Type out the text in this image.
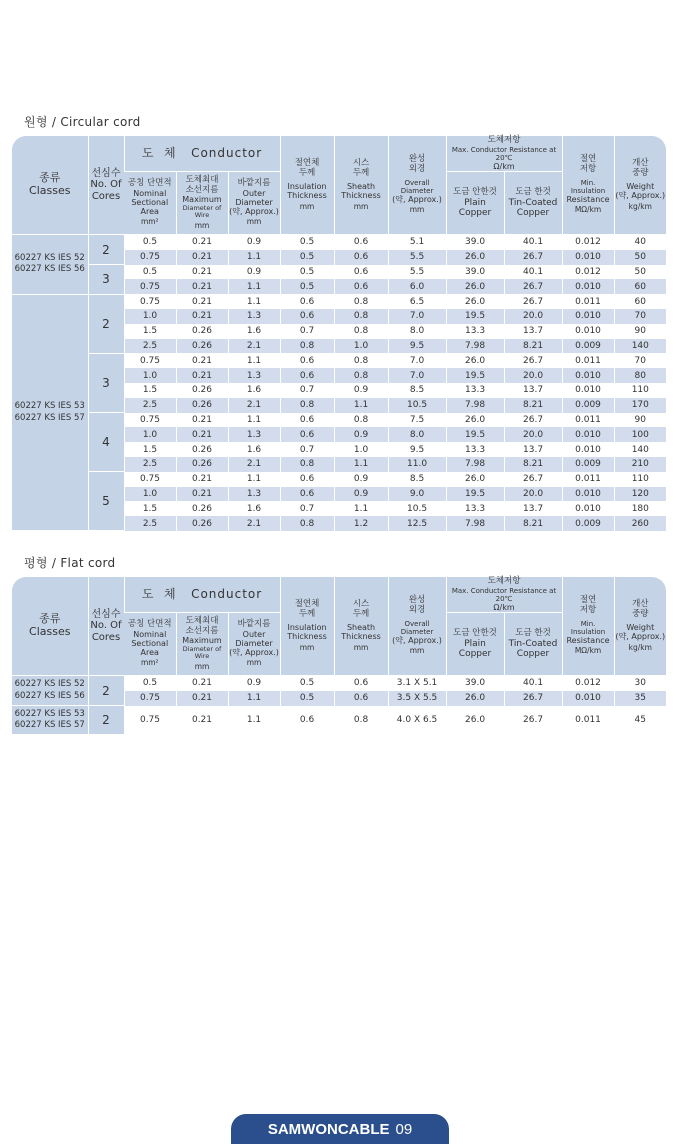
원형 / Circular cord
종류
Classes	선심수
No. Of
Cores	도  체   Conductor			절연체
두께
Insulation
Thickness
mm	시스
두께
Sheath
Thickness
mm	완성
외경
Overall Diameter
(약, Approx.)
mm	도체저항
Max. Conductor Resistance at 20℃
Ω/km		절연
저항
Min. Insulation
Resistance
MΩ/km	개산
중량
Weight
(약, Approx.)
kg/km

		공칭 단면적
Nominal
Sectional
Area
mm²	도체최대
소선지름
Maximum
Diameter of Wire
mm	바깥지름
Outer
Diameter
(약, Approx.)
mm				도금 안한것
Plain
Copper	도금 한것
Tin-Coated
Copper		

60227 KS IES 52
60227 KS IES 56	2	0.5	0.21	0.9	0.5	0.6	5.1	39.0	40.1	0.012	40
		0.75	0.21	1.1	0.5	0.6	5.5	26.0	26.7	0.010	50
	3	0.5	0.21	0.9	0.5	0.6	5.5	39.0	40.1	0.012	50
		0.75	0.21	1.1	0.5	0.6	6.0	26.0	26.7	0.010	60

60227 KS IES 53
60227 KS IES 57	2	0.75	0.21	1.1	0.6	0.8	6.5	26.0	26.7	0.011	60
		1.0	0.21	1.3	0.6	0.8	7.0	19.5	20.0	0.010	70
		1.5	0.26	1.6	0.7	0.8	8.0	13.3	13.7	0.010	90
		2.5	0.26	2.1	0.8	1.0	9.5	7.98	8.21	0.009	140
	3	0.75	0.21	1.1	0.6	0.8	7.0	26.0	26.7	0.011	70
		1.0	0.21	1.3	0.6	0.8	7.0	19.5	20.0	0.010	80
		1.5	0.26	1.6	0.7	0.9	8.5	13.3	13.7	0.010	110
		2.5	0.26	2.1	0.8	1.1	10.5	7.98	8.21	0.009	170
	4	0.75	0.21	1.1	0.6	0.8	7.5	26.0	26.7	0.011	90
		1.0	0.21	1.3	0.6	0.9	8.0	19.5	20.0	0.010	100
		1.5	0.26	1.6	0.7	1.0	9.5	13.3	13.7	0.010	140
		2.5	0.26	2.1	0.8	1.1	11.0	7.98	8.21	0.009	210
	5	0.75	0.21	1.1	0.6	0.9	8.5	26.0	26.7	0.011	110
		1.0	0.21	1.3	0.6	0.9	9.0	19.5	20.0	0.010	120
		1.5	0.26	1.6	0.7	1.1	10.5	13.3	13.7	0.010	180
		2.5	0.26	2.1	0.8	1.2	12.5	7.98	8.21	0.009	260
평형 / Flat cord
종류
Classes	선심수
No. Of
Cores	도  체   Conductor			절연체
두께
Insulation
Thickness
mm	시스
두께
Sheath
Thickness
mm	완성
외경
Overall Diameter
(약, Approx.)
mm	도체저항
Max. Conductor Resistance at 20℃
Ω/km		절연
저항
Min. Insulation
Resistance
MΩ/km	개산
중량
Weight
(약, Approx.)
kg/km

		공칭 단면적
Nominal
Sectional
Area
mm²	도체최대
소선지름
Maximum
Diameter of Wire
mm	바깥지름
Outer
Diameter
(약, Approx.)
mm				도금 안한것
Plain
Copper	도금 한것
Tin-Coated
Copper		

60227 KS IES 52
60227 KS IES 56	2	0.5	0.21	0.9	0.5	0.6	3.1 X 5.1	39.0	40.1	0.012	30
		0.75	0.21	1.1	0.5	0.6	3.5 X 5.5	26.0	26.7	0.010	35

60227 KS IES 53
60227 KS IES 57	2	0.75	0.21	1.1	0.6	0.8	4.0 X 6.5	26.0	26.7	0.011	45
SAMWONCABLE 09
